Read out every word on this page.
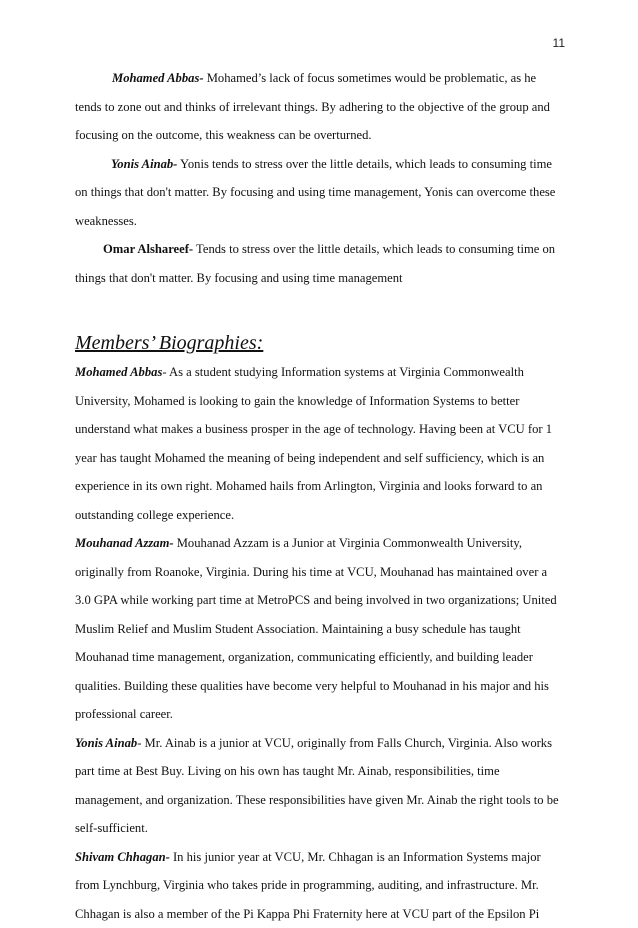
11

Mohamed Abbas- Mohamed’s lack of focus sometimes would be problematic, as he tends to zone out and thinks of irrelevant things. By adhering to the objective of the group and focusing on the outcome, this weakness can be overturned.

Yonis Ainab- Yonis tends to stress over the little details, which leads to consuming time on things that don't matter. By focusing and using time management, Yonis can overcome these weaknesses.

Omar Alshareef- Tends to stress over the little details, which leads to consuming time on things that don't matter. By focusing and using time management

Members’ Biographies:

Mohamed Abbas- As a student studying Information systems at Virginia Commonwealth University, Mohamed is looking to gain the knowledge of Information Systems to better understand what makes a business prosper in the age of technology. Having been at VCU for 1 year has taught Mohamed the meaning of being independent and self sufficiency, which is an experience in its own right. Mohamed hails from Arlington, Virginia and looks forward to an outstanding college experience.

Mouhanad Azzam- Mouhanad Azzam is a Junior at Virginia Commonwealth University, originally from Roanoke, Virginia. During his time at VCU, Mouhanad has maintained over a 3.0 GPA while working part time at MetroPCS and being involved in two organizations; United Muslim Relief and Muslim Student Association. Maintaining a busy schedule has taught Mouhanad time management, organization, communicating efficiently, and building leader qualities. Building these qualities have become very helpful to Mouhanad in his major and his professional career.

Yonis Ainab- Mr. Ainab is a junior at VCU, originally from Falls Church, Virginia. Also works part time at Best Buy. Living on his own has taught Mr. Ainab, responsibilities, time management, and organization. These responsibilities have given Mr. Ainab the right tools to be self-sufficient.

Shivam Chhagan- In his junior year at VCU, Mr. Chhagan is an Information Systems major from Lynchburg, Virginia who takes pride in programming, auditing, and infrastructure. Mr. Chhagan is also a member of the Pi Kappa Phi Fraternity here at VCU part of the Epsilon Pi
